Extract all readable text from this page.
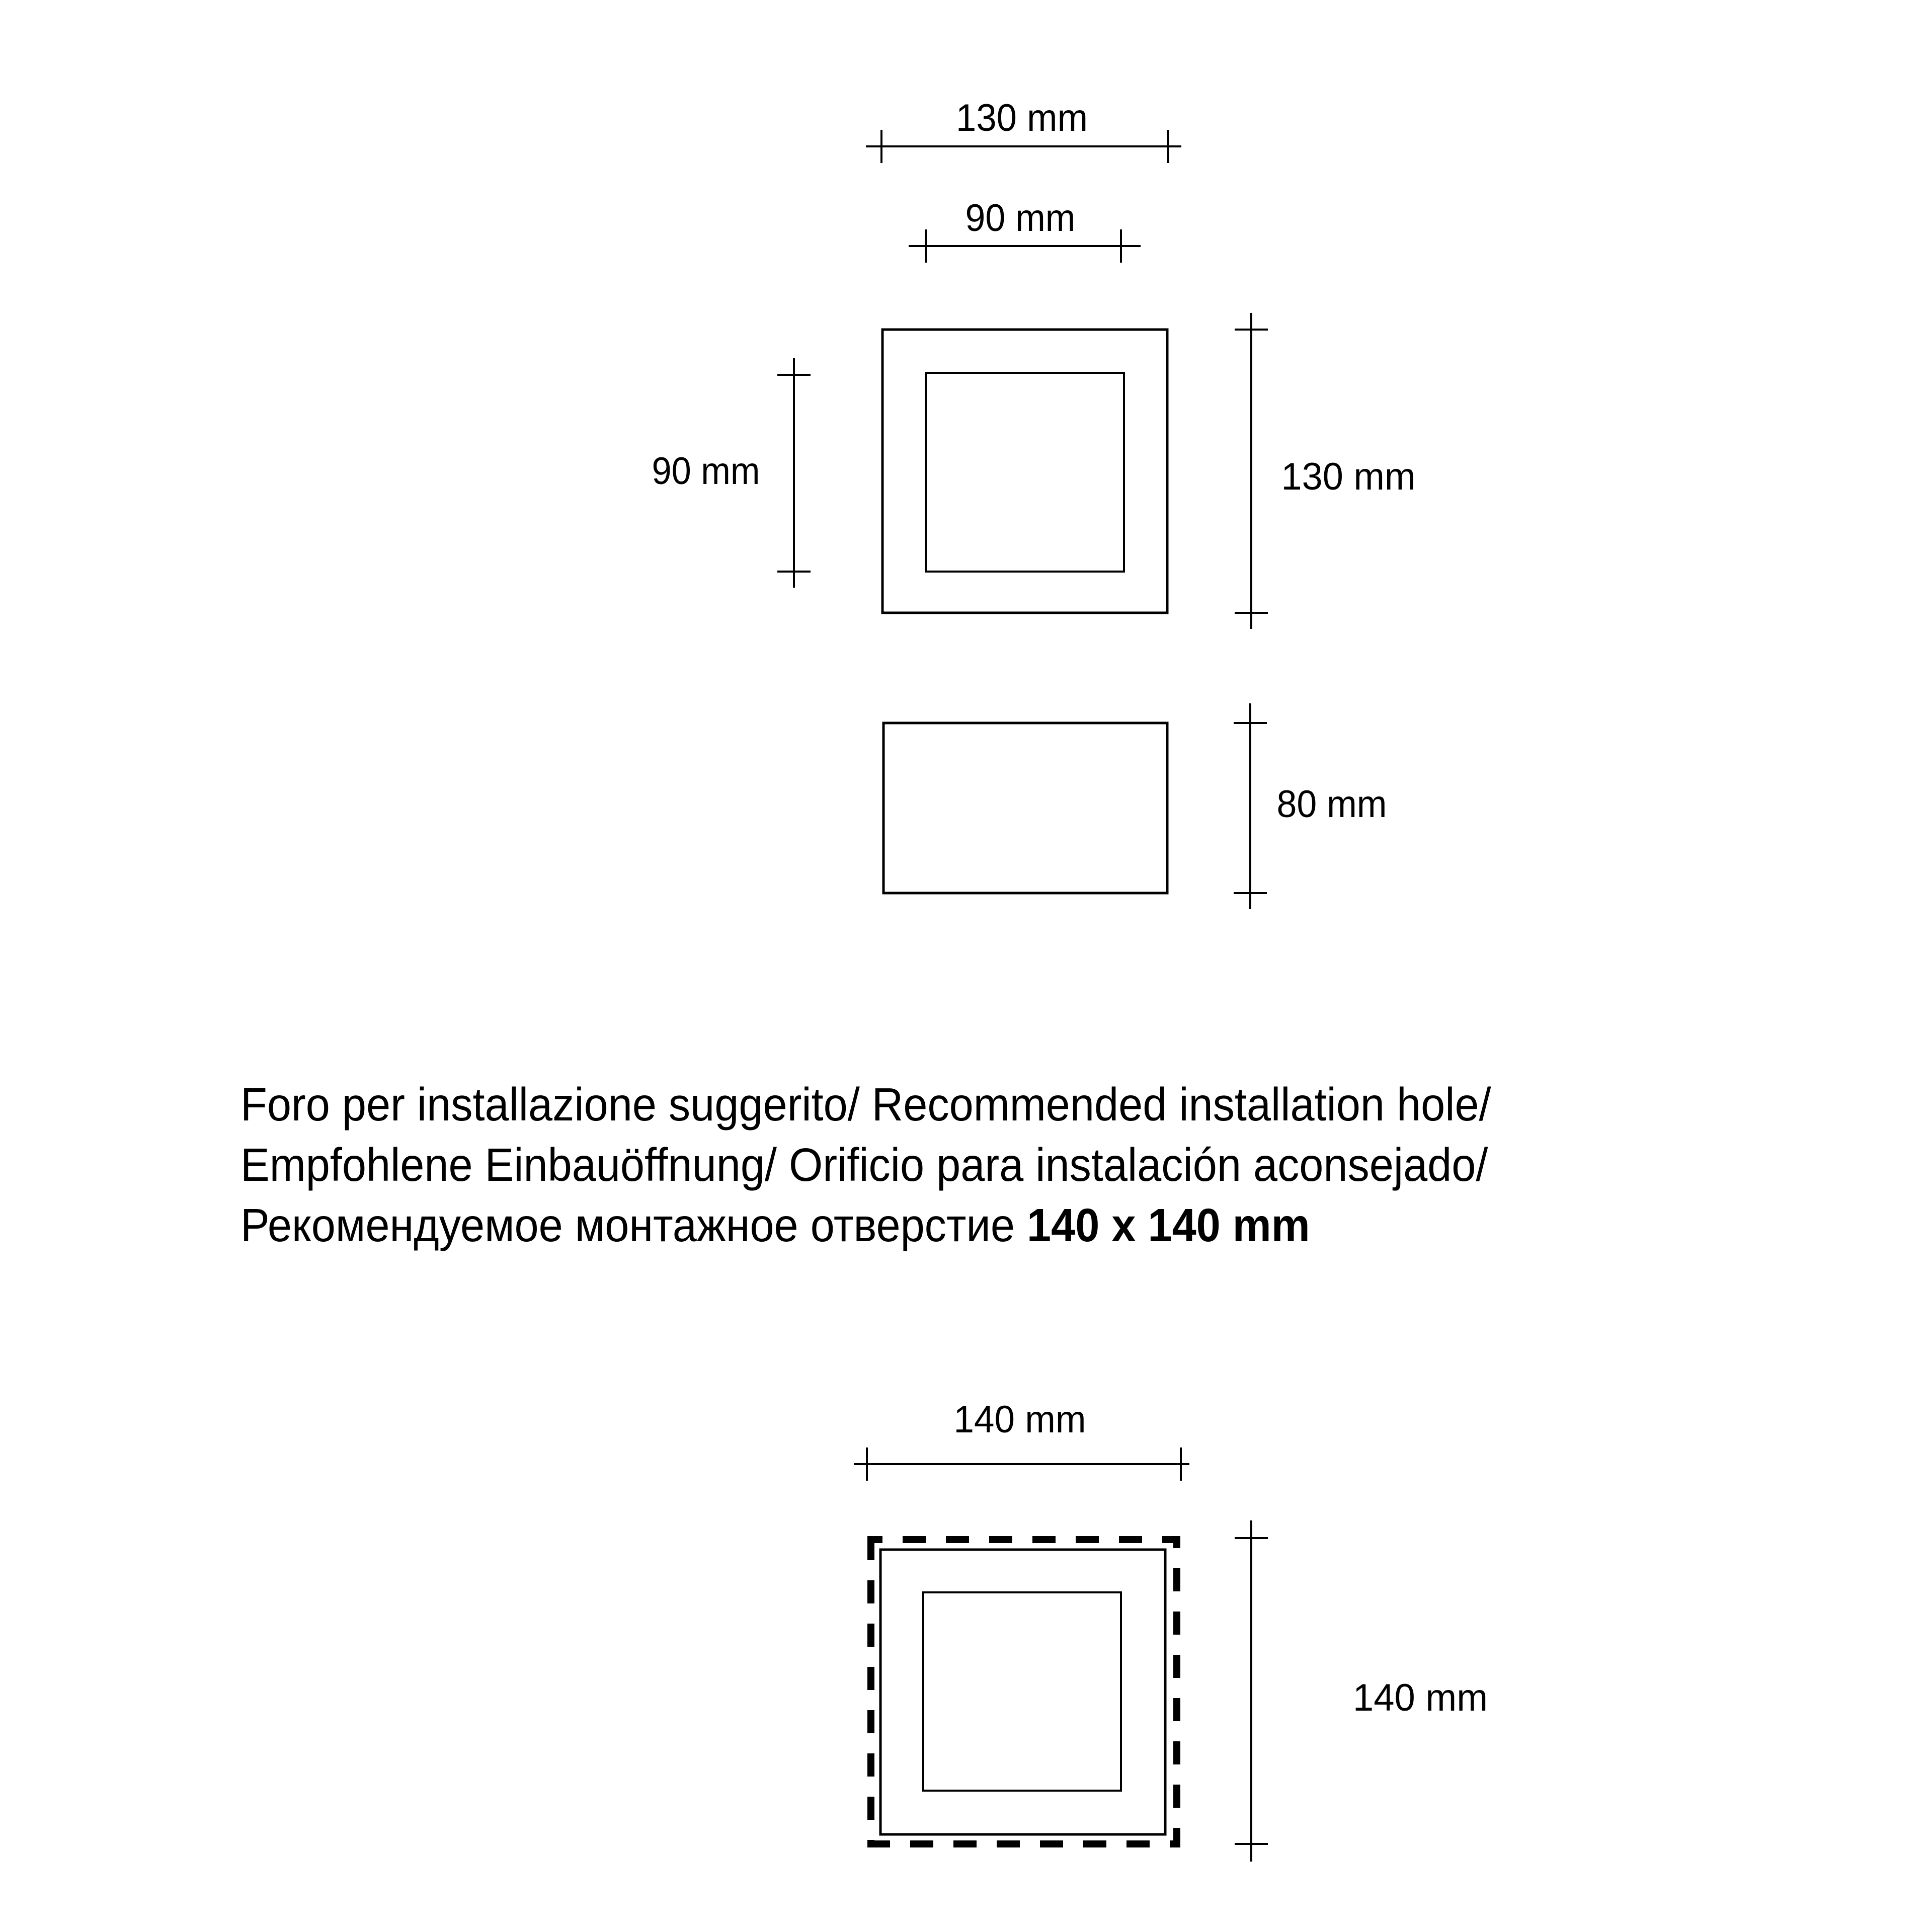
130 mm
90 mm
90 mm	130 mm
80 mm
140 mm
140 mm
Foro per installazione suggerito/ Recommended installation hole/
Empfohlene Einbauöffnung/ Orificio para instalación aconsejado/
Рекомендуемое монтажное отверстие 140 x 140 mm
